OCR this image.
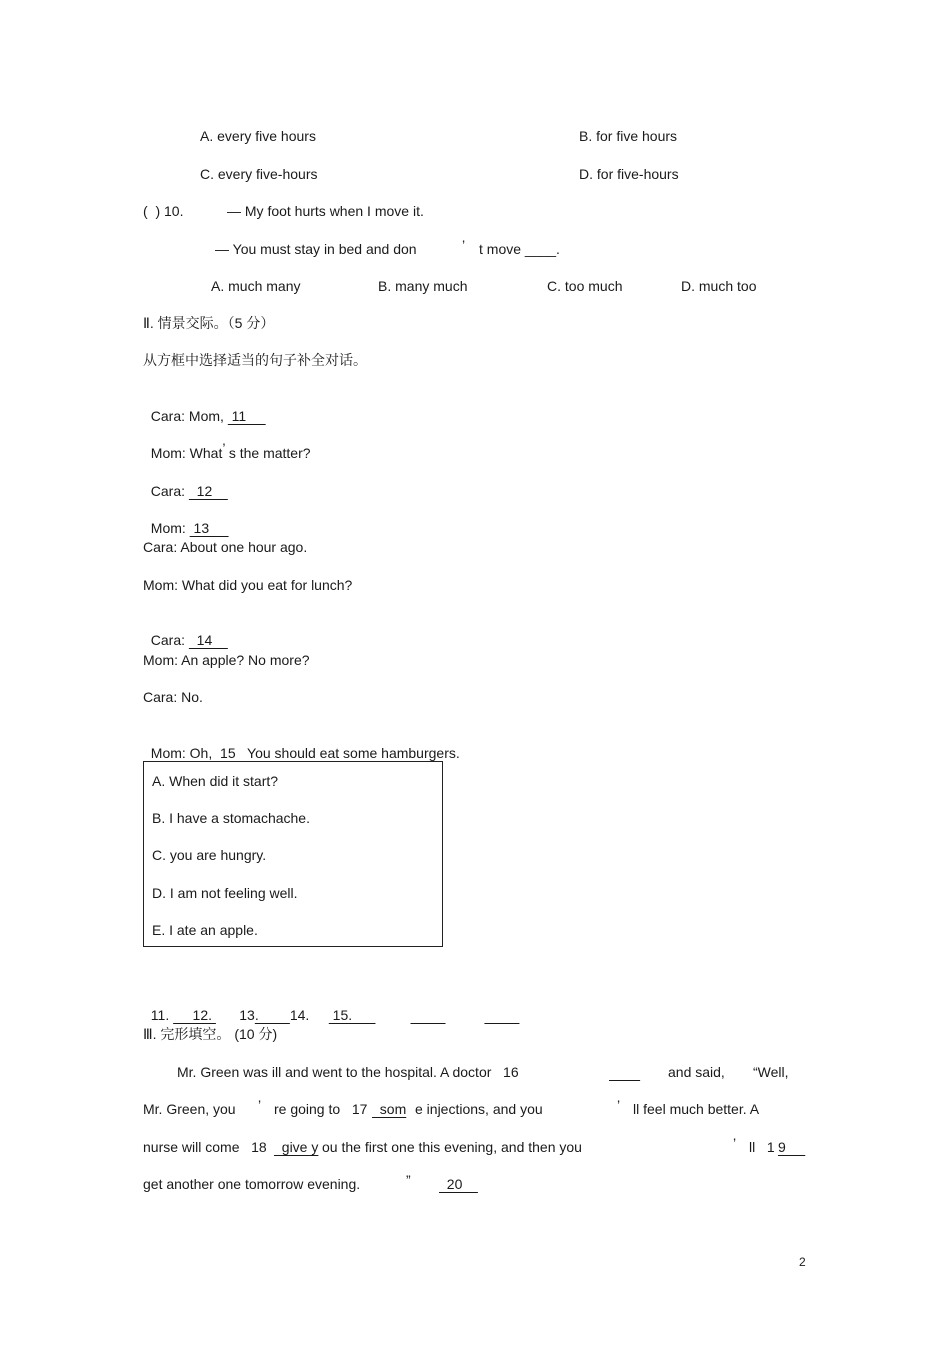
A. every five hours	B. for five hours
C. every five-hours	D. for five-hours
(  ) 10.	— My foot hurts when I move it.
— You must stay in bed and don	’ t move ____.
A. much many	B. many much	C. too much	D. much too
Ⅱ. 情景交际。（5 分）
从方框中选择适当的句子补全对话。

Cara: Mom,  11

Mom: What’ s the matter?

Cara:   12

Mom:  13

Cara: About one hour ago.
Mom: What did you eat for lunch?

Cara:   14

Mom: An apple? No more?
Cara: No.

Mom: Oh,  15   You should eat some hamburgers.

A. When did it start?
B. I have a stomachache.
C. you are hungry.
D. I am not feeling well.
E. I ate an apple.

11.      12.       13.        14.      15.

Ⅲ. 完形填空。 (10 分)
Mr. Green was ill and went to the hospital. A doctor   16
	and said, “Well,
Mr. Green, you ’ re going to   17 som e injections, and you	’ ll feel much better. A
nurse will come   18 give y ou the first one this evening, and then you	’ ll   1 9
get another one tomorrow evening.	” 20
2
